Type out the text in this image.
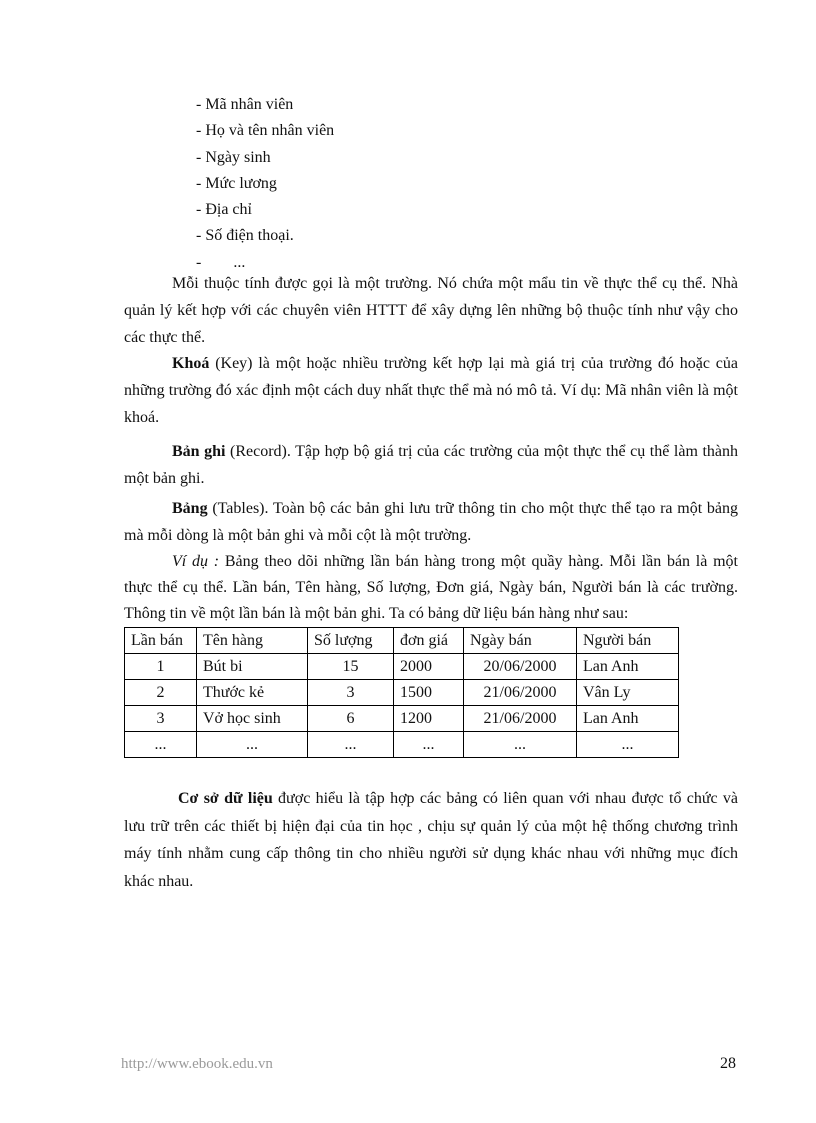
- Mã nhân viên
- Họ và tên nhân viên
- Ngày sinh
- Mức lương
- Địa chỉ
- Số điện thoại.
-        ...

Mỗi thuộc tính được gọi là một trường. Nó chứa một mẩu tin về thực thể cụ thể. Nhà quản lý kết hợp với các chuyên viên HTTT để xây dựng lên những bộ thuộc tính như vậy cho các thực thể.

Khoá (Key) là một hoặc nhiều trường kết hợp lại mà giá trị của trường đó hoặc của những trường đó xác định một cách duy nhất thực thể mà nó mô tả. Ví dụ: Mã nhân viên là một khoá.

Bản ghi (Record). Tập hợp bộ giá trị của các trường của một thực thể cụ thể làm thành một bản ghi.

Bảng (Tables). Toàn bộ các bản ghi lưu trữ thông tin cho một thực thể tạo ra một bảng mà mỗi dòng là một bản ghi và mỗi cột là một trường.

Ví dụ : Bảng theo dõi những lần bán hàng trong một quầy hàng. Mỗi lần bán là một thực thể cụ thể. Lần bán, Tên hàng, Số lượng, Đơn giá, Ngày bán, Người bán là các trường. Thông tin về một lần bán là một bản ghi. Ta có bảng dữ liệu bán hàng như sau:

Lần bán	Tên hàng	Số lượng	đơn giá	Ngày bán	Người bán
1	Bút bi	15	2000	20/06/2000	Lan Anh
2	Thước kẻ	3	1500	21/06/2000	Vân Ly
3	Vở học sinh	6	1200	21/06/2000	Lan Anh
...	...	...	...	...	...

Cơ sở dữ liệu được hiểu là tập hợp các bảng có liên quan với nhau được tổ chức và lưu trữ trên các thiết bị hiện đại của tin học , chịu sự quản lý của một hệ thống chương trình máy tính nhằm cung cấp thông tin cho nhiều người sử dụng khác nhau với những mục đích khác nhau.

http://www.ebook.edu.vn	28
